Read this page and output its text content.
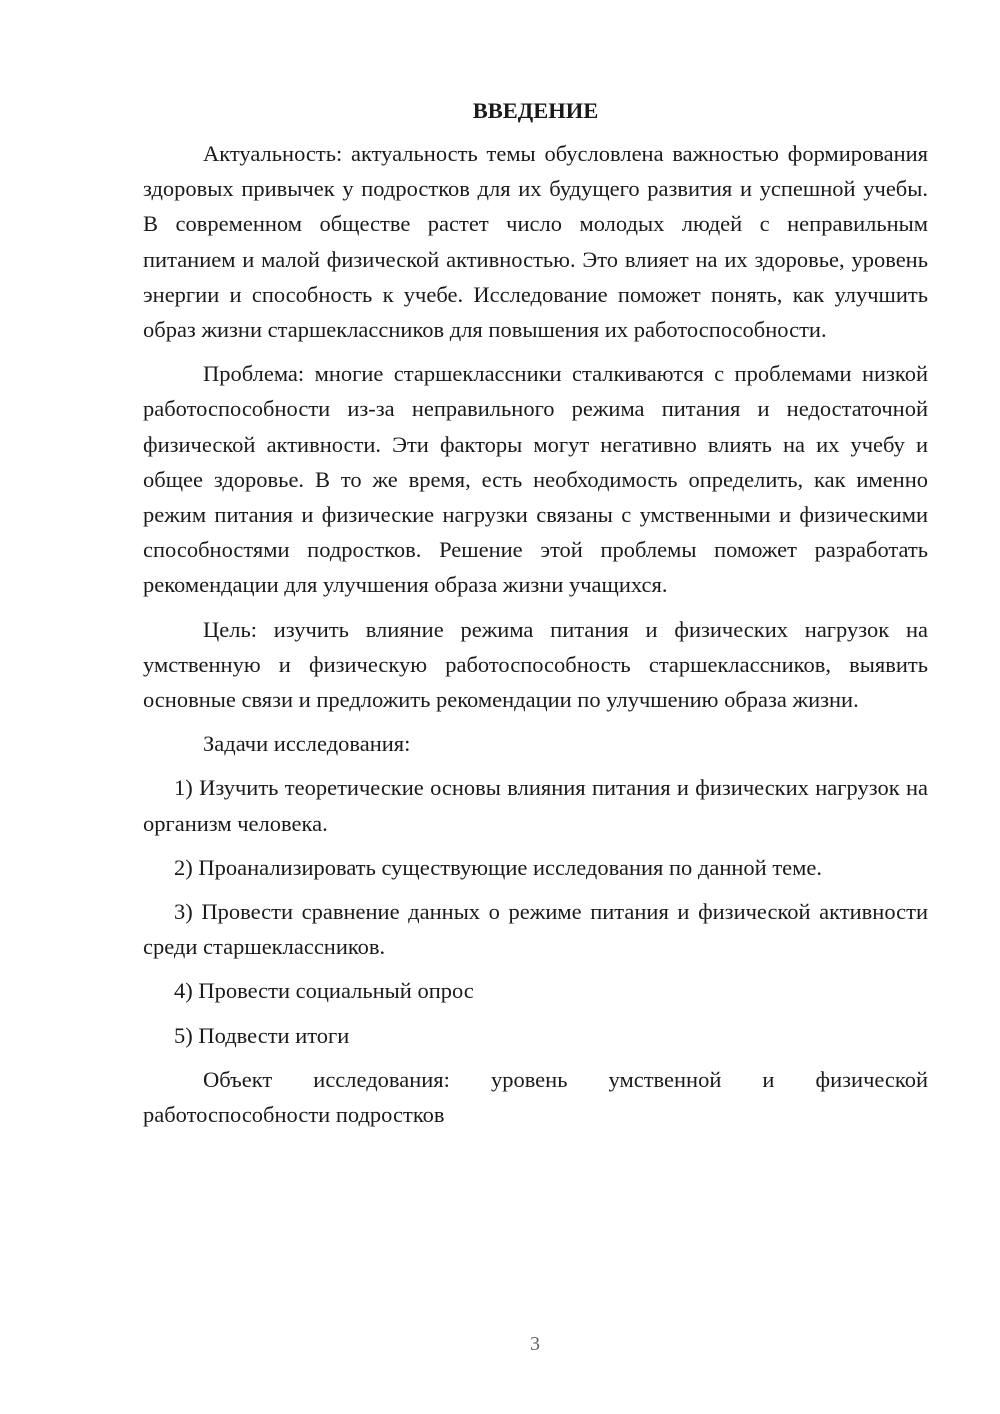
ВВЕДЕНИЕ

Актуальность: актуальность темы обусловлена важностью формирования здоровых привычек у подростков для их будущего развития и успешной учебы. В современном обществе растет число молодых людей с неправильным питанием и малой физической активностью. Это влияет на их здоровье, уровень энергии и способность к учебе. Исследование поможет понять, как улучшить образ жизни старшеклассников для повышения их работоспособности.

Проблема: многие старшеклассники сталкиваются с проблемами низкой работоспособности из-за неправильного режима питания и недостаточной физической активности. Эти факторы могут негативно влиять на их учебу и общее здоровье. В то же время, есть необходимость определить, как именно режим питания и физические нагрузки связаны с умственными и физическими способностями подростков. Решение этой проблемы поможет разработать рекомендации для улучшения образа жизни учащихся.

Цель: изучить влияние режима питания и физических нагрузок на умственную и физическую работоспособность старшеклассников, выявить основные связи и предложить рекомендации по улучшению образа жизни.

Задачи исследования:

1) Изучить теоретические основы влияния питания и физических нагрузок на организм человека.

2) Проанализировать существующие исследования по данной теме.

3) Провести сравнение данных о режиме питания и физической активности среди старшеклассников.

4) Провести социальный опрос

5) Подвести итоги

Объект исследования: уровень умственной и физической работоспособности подростков

3
